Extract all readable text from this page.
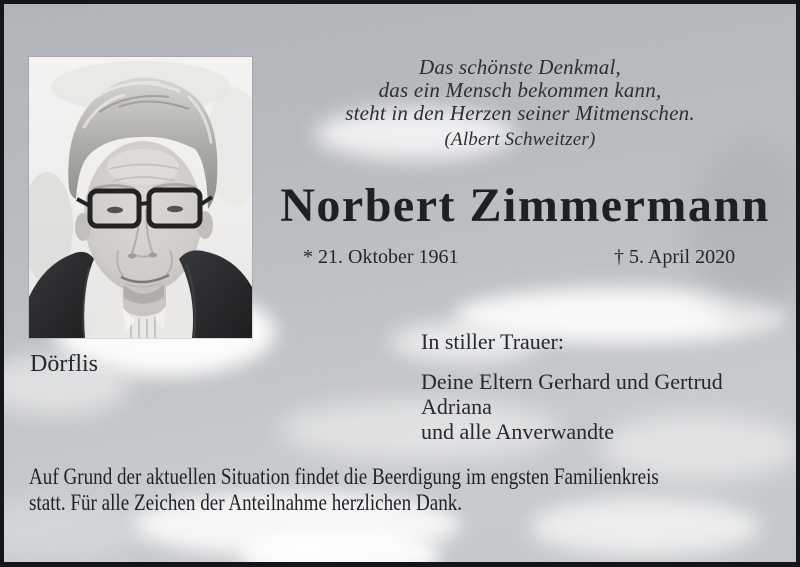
Das schönste Denkmal,
das ein Mensch bekommen kann,
steht in den Herzen seiner Mitmenschen.
(Albert Schweitzer)
Norbert Zimmermann
* 21. Oktober 1961	† 5. April 2020
Dörflis
In stiller Trauer:
Deine Eltern Gerhard und Gertrud
Adriana
und alle Anverwandte
Auf Grund der aktuellen Situation findet die Beerdigung im engsten Familienkreis
statt. Für alle Zeichen der Anteilnahme herzlichen Dank.
